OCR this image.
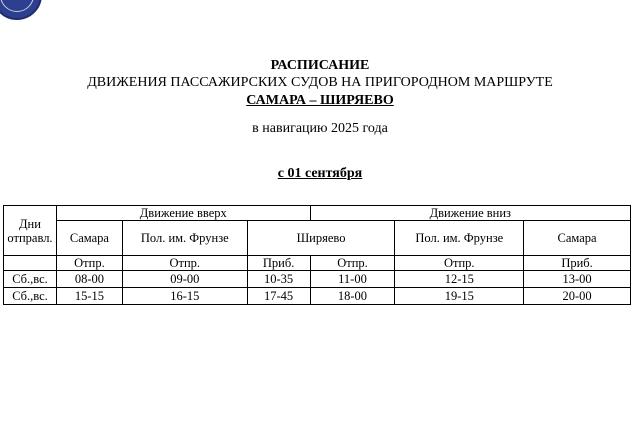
РАСПИСАНИЕ
ДВИЖЕНИЯ ПАССАЖИРСКИХ СУДОВ НА ПРИГОРОДНОМ МАРШРУТЕ
САМАРА – ШИРЯЕВО
в навигацию 2025 года
с 01 сентября
Дни
отправл.	Движение вверх			Движение вниз		
	Самара	Пол. им. Фрунзе	Ширяево		Пол. им. Фрунзе	Самара
	Отпр.	Отпр.	Приб.	Отпр.	Отпр.	Приб.
Сб.,вс.	08-00	09-00	10-35	11-00	12-15	13-00
Сб.,вс.	15-15	16-15	17-45	18-00	19-15	20-00
